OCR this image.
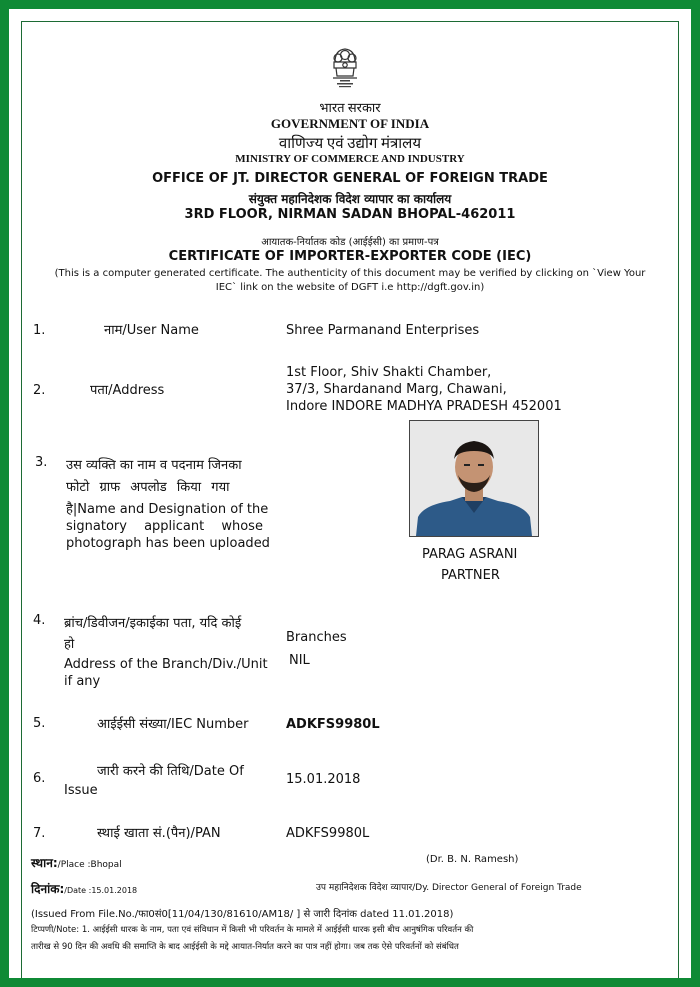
भारत सरकार
GOVERNMENT OF INDIA
वाणिज्य एवं उद्योग मंत्रालय
MINISTRY OF COMMERCE AND INDUSTRY
OFFICE OF JT. DIRECTOR GENERAL OF FOREIGN TRADE
संयुक्त महानिदेशक विदेश व्यापार का कार्यालय
3RD FLOOR, NIRMAN SADAN BHOPAL-462011
आयातक-निर्यातक कोड (आईईसी) का प्रमाण-पत्र
CERTIFICATE OF IMPORTER-EXPORTER CODE (IEC)
(This is a computer generated certificate. The authenticity of this document may be verified by clicking on `View Your
IEC` link on the website of DGFT i.e http://dgft.gov.in)
1.	नाम/User Name	Shree Parmanand Enterprises
2.	पता/Address
1st Floor, Shiv Shakti Chamber,
37/3, Shardanand Marg, Chawani,
Indore INDORE MADHYA PRADESH 452001
3. उस व्यक्ति का नाम व पदनाम जिनका
फोटो ग्राफ अपलोड किया गया
है|Name and Designation of the
signatory applicant whose
photograph has been uploaded
PARAG ASRANI
PARTNER
4. ब्रांच/डिवीजन/इकाईका पता, यदि कोई
हो
Address of the Branch/Div./Unit
if any
Branches
NIL
5.	आईईसी संख्या/IEC Number	ADKFS9980L
6.	जारी करने की तिथि/Date Of
Issue
15.01.2018
7.	स्थाई खाता सं.(पैन)/PAN	ADKFS9980L
स्थान:/Place :Bhopal	(Dr. B. N. Ramesh)
दिनांक:/Date :15.01.2018	उप महानिदेशक विदेश व्यापार/Dy. Director General of Foreign Trade
(Issued From File.No./फा0सं0[11/04/130/81610/AM18/ ] से जारी दिनांक dated 11.01.2018)
टिप्पणी/Note: 1. आईईसी धारक के नाम, पता एवं संविधान में किसी भी परिवर्तन के मामले में आईईसी धारक इसी बीच आनुषंगिक परिवर्तन की
तारीख से 90 दिन की अवधि की समाप्ति के बाद आईईसी के मद्दे आयात-निर्यात करने का पात्र नहीं होगा। जब तक ऐसे परिवर्तनों को संबंधित
